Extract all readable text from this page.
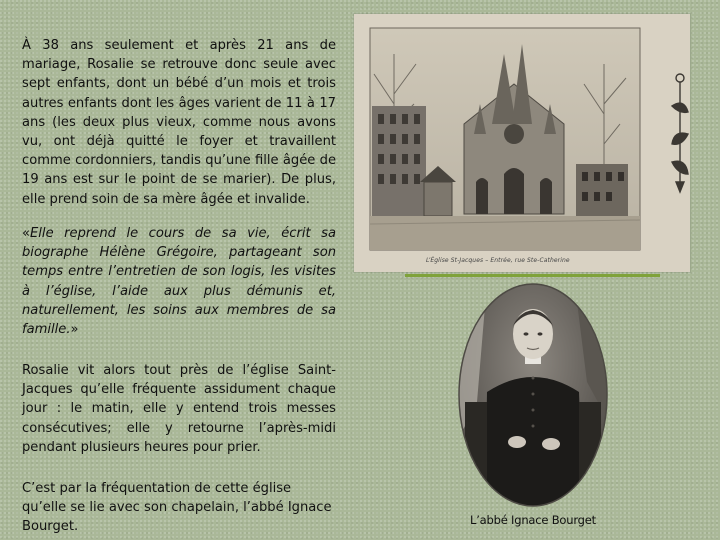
À 38 ans seulement et après 21 ans de mariage, Rosalie se retrouve donc seule avec sept enfants, dont un bébé d’un mois et trois autres enfants dont les âges varient de 11 à 17 ans (les deux plus vieux, comme nous avons vu, ont déjà quitté le foyer et travaillent comme cordonniers, tandis qu’une fille âgée de 19 ans est sur le point de se marier). De plus, elle prend soin de sa mère âgée et invalide.

«Elle reprend le cours de sa vie, écrit sa biographe Hélène Grégoire, partageant son temps entre l’entretien de son logis, les visites à l’église, l’aide aux plus démunis et, naturellement, les soins aux membres de sa famille.»

Rosalie vit alors tout près de l’église Saint-Jacques qu’elle fréquente assidument chaque jour : le matin, elle y entend trois messes consécutives; elle y retourne l’après-midi pendant plusieurs heures pour prier.

C’est par la fréquentation de cette église qu’elle se lie avec son chapelain, l’abbé Ignace Bourget.

L’Église St-Jacques – Entrée, rue Ste-Catherine
L’abbé Ignace Bourget
